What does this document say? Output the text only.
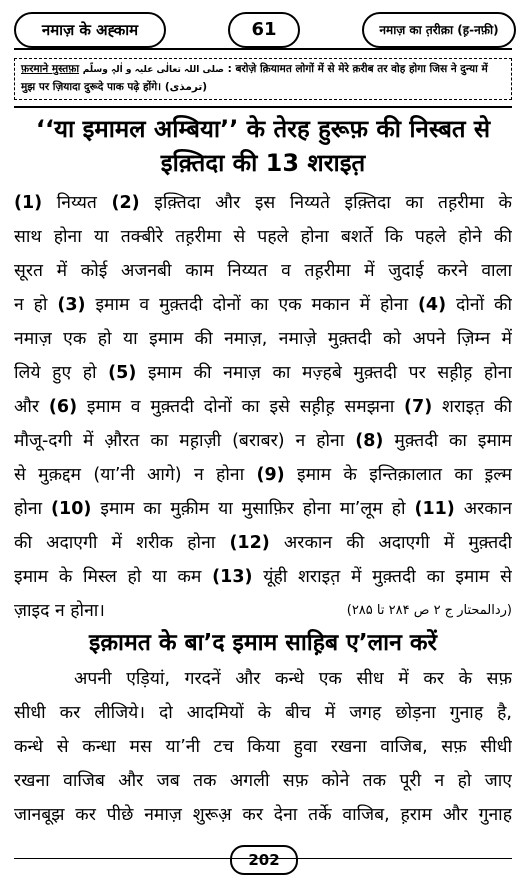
नमाज़ के अह्काम	61	नमाज़ का त़रीक़ा (ह़-नफ़ी)
फ़रमाने मुस्तफ़ा صلی اللہ تعالٰی علیہ و اٰلہٖ وسلّم : बरोज़े क़ियामत लोगों में से मेरे क़रीब तर वोह होगा जिस ने दुन्या में
मुझ पर ज़ियादा दुरूदे पाक पढ़े होंगे। (ترمذی)
‘‘या इमामल अम्बिया’’ के तेरह हुरूफ़ की निस्बत से
इक़्तिदा की 13 शराइत़
(1) निय्यत (2) इक़्तिदा और इस निय्यते इक़्तिदा का तह़रीमा के
साथ होना या तक्बीरे तह़रीमा से पहले होना बशर्ते कि पहले होने की
सूरत में कोई अजनबी काम निय्यत व तह़रीमा में जुदाई करने वाला
न हो (3) इमाम व मुक़्तदी दोनों का एक मकान में होना (4) दोनों की
नमाज़ एक हो या इमाम की नमाज़, नमाज़े मुक़्तदी को अपने ज़िम्न में
लिये हुए हो (5) इमाम की नमाज़ का मज़्हबे मुक़्तदी पर सह़ीह़ होना
और (6) इमाम व मुक़्तदी दोनों का इसे सह़ीह़ समझना (7) शराइत़ की
मौजू-दगी में औ़रत का मह़ाज़ी (बराबर) न होना (8) मुक़्तदी का इमाम
से मुक़द्दम (या’नी आगे) न होना (9) इमाम के इन्तिक़ालात का इ़ल्म
होना (10) इमाम का मुक़ीम या मुसाफ़िर होना मा’लूम हो (11) अरकान
की अदाएगी में शरीक होना (12) अरकान की अदाएगी में मुक़्तदी
इमाम के मिस्ल हो या कम (13) यूंही शराइत़ में मुक़्तदी का इमाम से
ज़ाइद न होना।	(ردالمحتار ج ۲ ص ۲۸۴ تا ۲۸۵)
इक़ामत के बा’द इमाम साह़िब ए’लान करें
अपनी एड़ियां, गरदनें और कन्धे एक सीध में कर के सफ़
सीधी कर लीजिये। दो आदमियों के बीच में जगह छोड़ना गुनाह है,
कन्धे से कन्धा मस या’नी टच किया हुवा रखना वाजिब, सफ़ सीधी
रखना वाजिब और जब तक अगली सफ़ कोने तक पूरी न हो जाए
जानबूझ कर पीछे नमाज़ शुरूअ़ कर देना तर्के वाजिब, ह़राम और गुनाह
202
